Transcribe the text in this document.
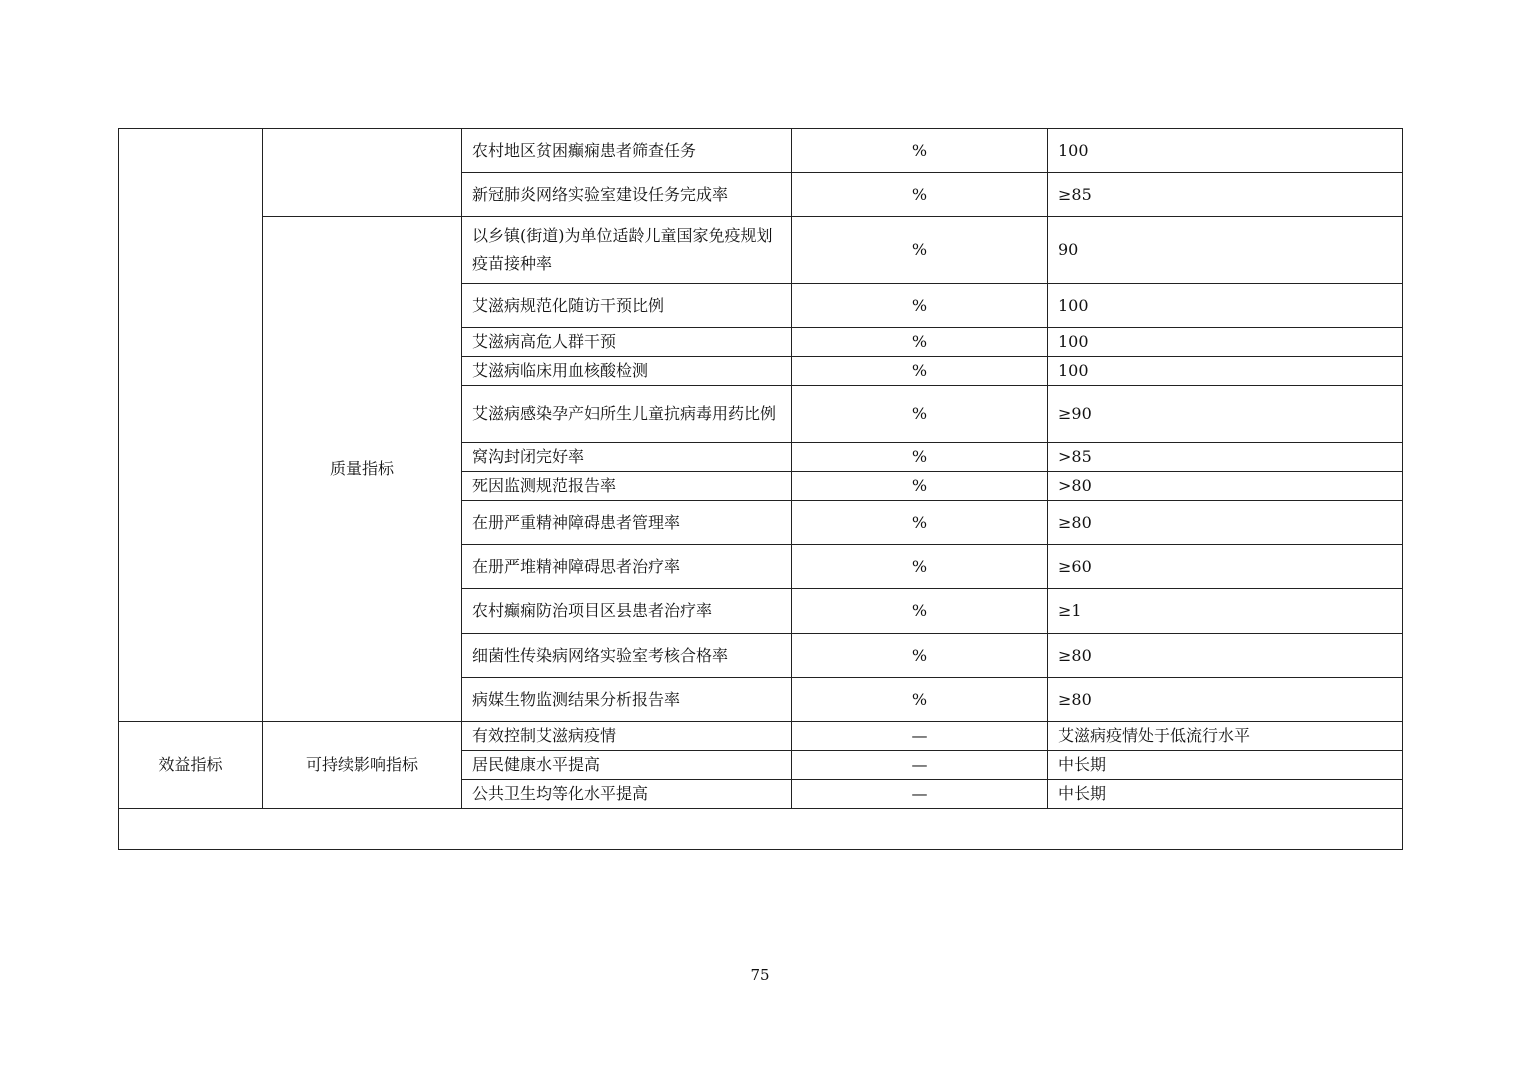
		农村地区贫困癫痫患者筛查任务	%	100
		新冠肺炎网络实验室建设任务完成率	%	≥85
	质量指标	以乡镇(街道)为单位适龄儿童国家免疫规划疫苗接种率	%	90
		艾滋病规范化随访干预比例	%	100
		艾滋病高危人群干预	%	100
		艾滋病临床用血核酸检测	%	100
		艾滋病感染孕产妇所生儿童抗病毒用药比例	%	≥90
		窝沟封闭完好率	%	>85
		死因监测规范报告率	%	>80
		在册严重精神障碍患者管理率	%	≥80
		在册严堆精神障碍思者治疗率	%	≥60
		农村癫痫防治项目区县患者治疗率	%	≥1
		细菌性传染病网络实验室考核合格率	%	≥80
		病媒生物监测结果分析报告率	%	≥80
效益指标	可持续影响指标	有效控制艾滋病疫情	—	艾滋病疫情处于低流行水平
		居民健康水平提高	—	中长期
		公共卫生均等化水平提高	—	中长期

75
